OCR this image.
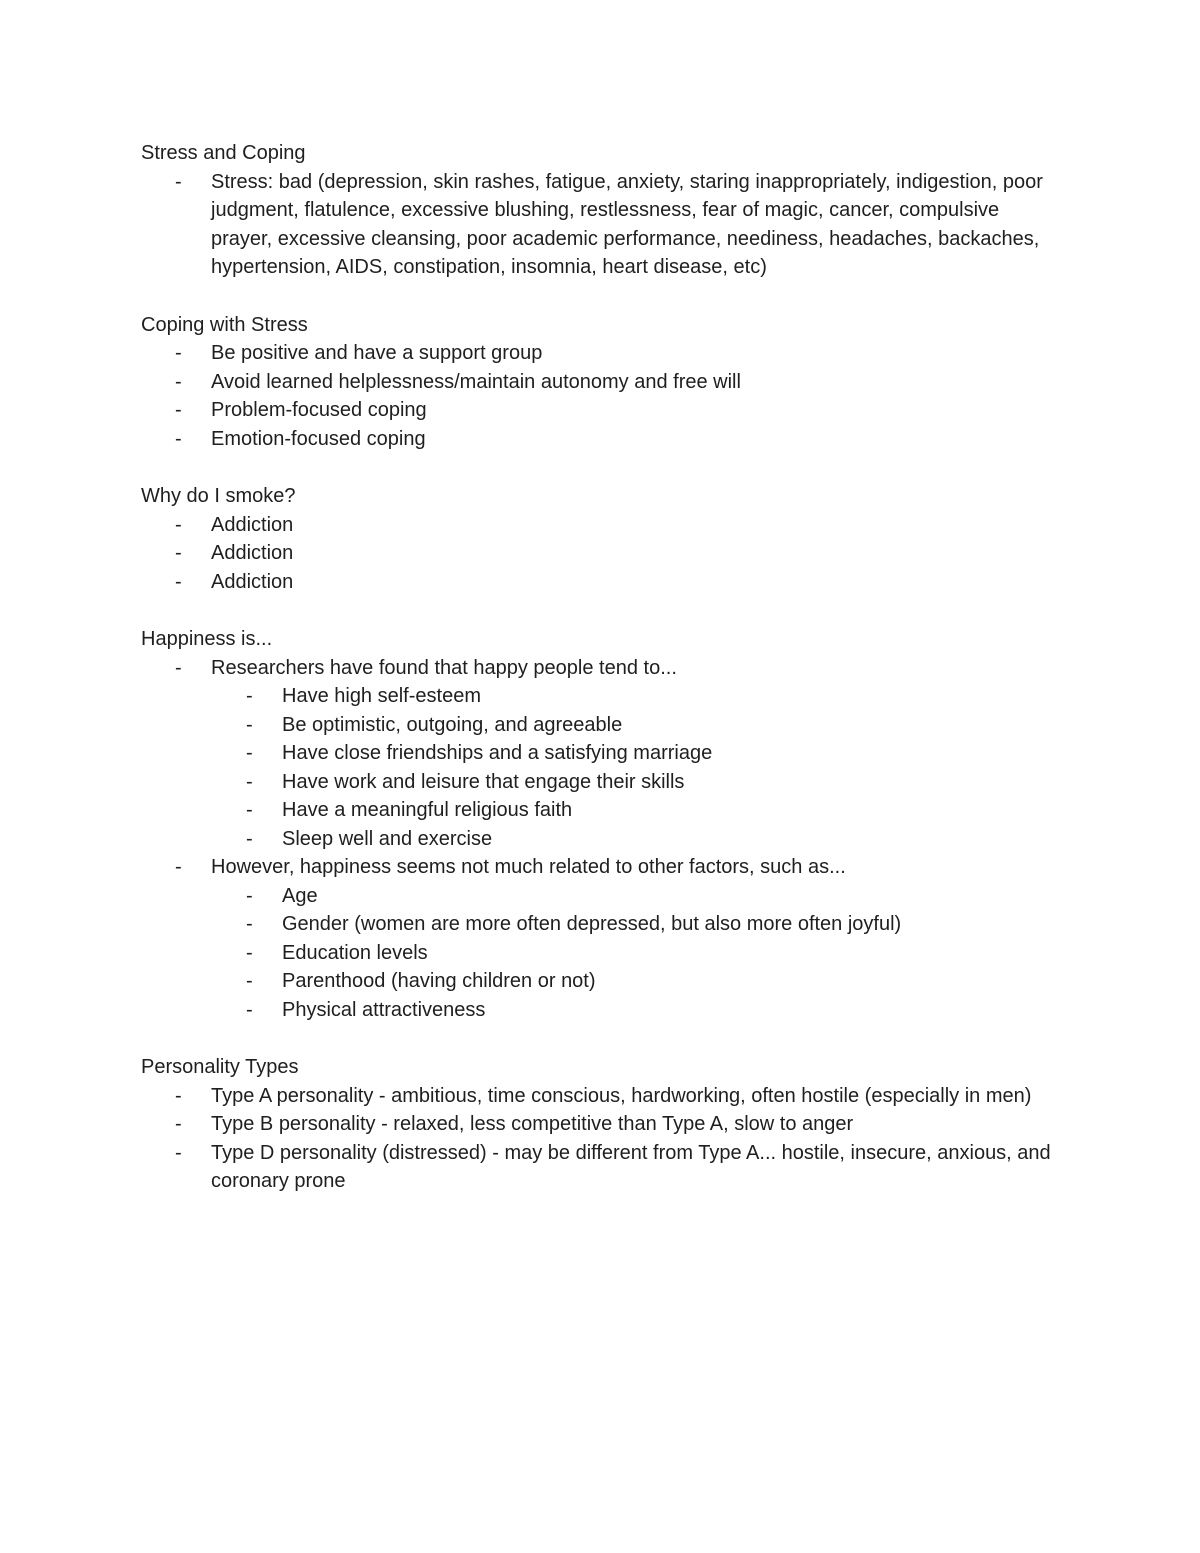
Stress and Coping
- Stress: bad (depression, skin rashes, fatigue, anxiety, staring inappropriately, indigestion, poor judgment, flatulence, excessive blushing, restlessness, fear of magic, cancer, compulsive prayer, excessive cleansing, poor academic performance, neediness, headaches, backaches, hypertension, AIDS, constipation, insomnia, heart disease, etc)
Coping with Stress
- Be positive and have a support group
- Avoid learned helplessness/maintain autonomy and free will
- Problem-focused coping
- Emotion-focused coping
Why do I smoke?
- Addiction
- Addiction
- Addiction
Happiness is...
- Researchers have found that happy people tend to...
- Have high self-esteem
- Be optimistic, outgoing, and agreeable
- Have close friendships and a satisfying marriage
- Have work and leisure that engage their skills
- Have a meaningful religious faith
- Sleep well and exercise
- However, happiness seems not much related to other factors, such as...
- Age
- Gender (women are more often depressed, but also more often joyful)
- Education levels
- Parenthood (having children or not)
- Physical attractiveness
Personality Types
- Type A personality - ambitious, time conscious, hardworking, often hostile (especially in men)
- Type B personality - relaxed, less competitive than Type A, slow to anger
- Type D personality (distressed) - may be different from Type A... hostile, insecure, anxious, and coronary prone
